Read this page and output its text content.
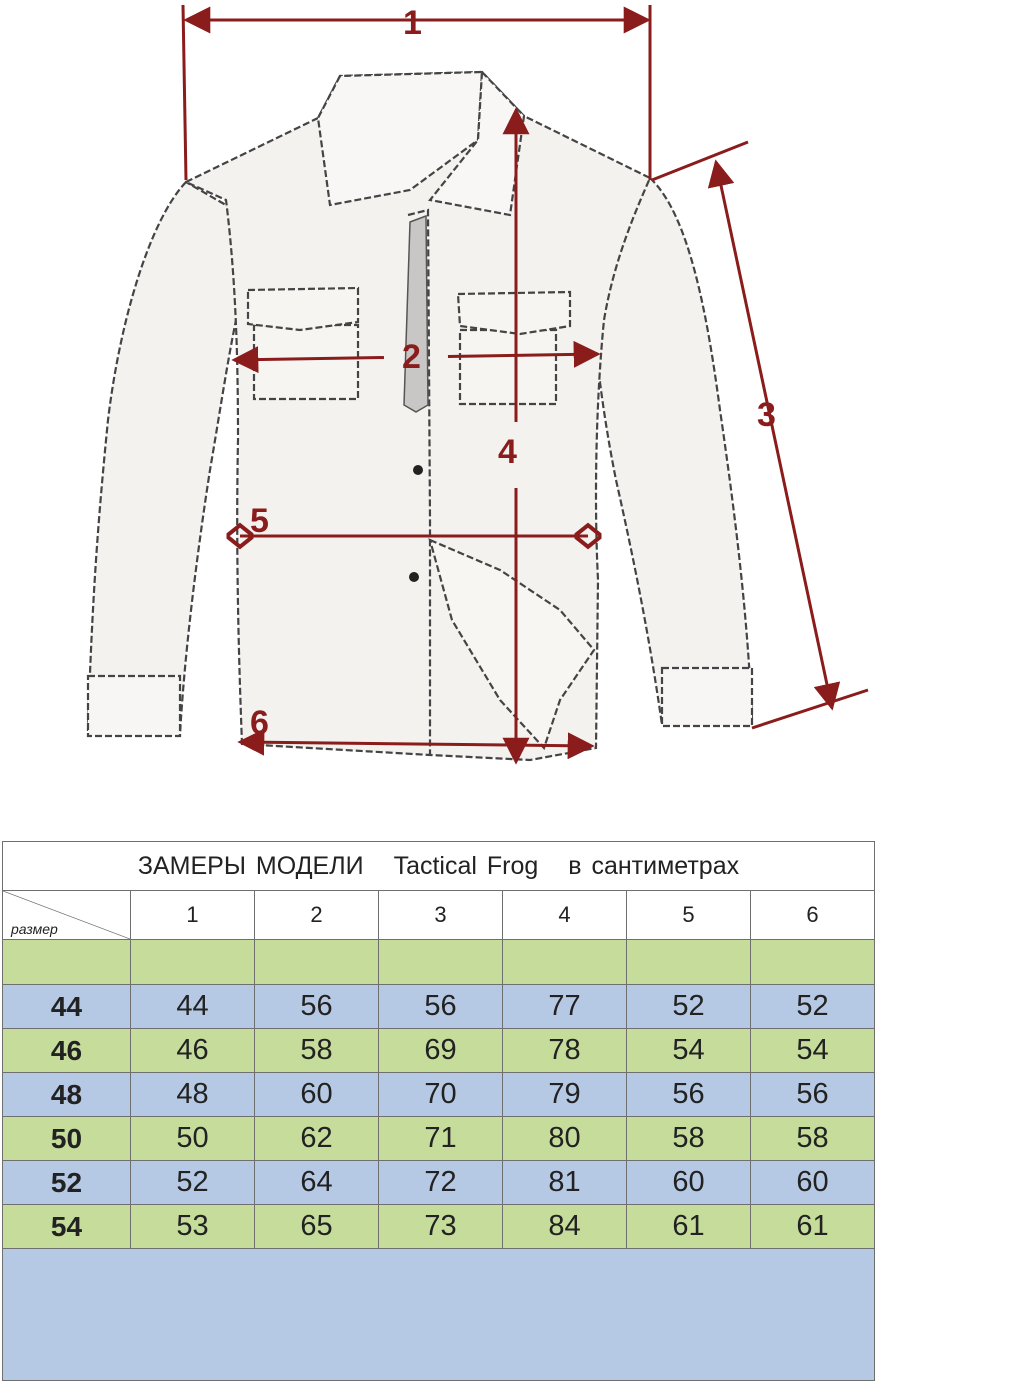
1
2
3
4
5
6
ЗАМЕРЫ МОДЕЛИ Tactical Frog в сантиметрах						

размер	1	2	3	4	5	6

44	44	56	56	77	52	52
46	46	58	69	78	54	54
48	48	60	70	79	56	56
50	50	62	71	80	58	58
52	52	64	72	81	60	60
54	53	65	73	84	61	61
